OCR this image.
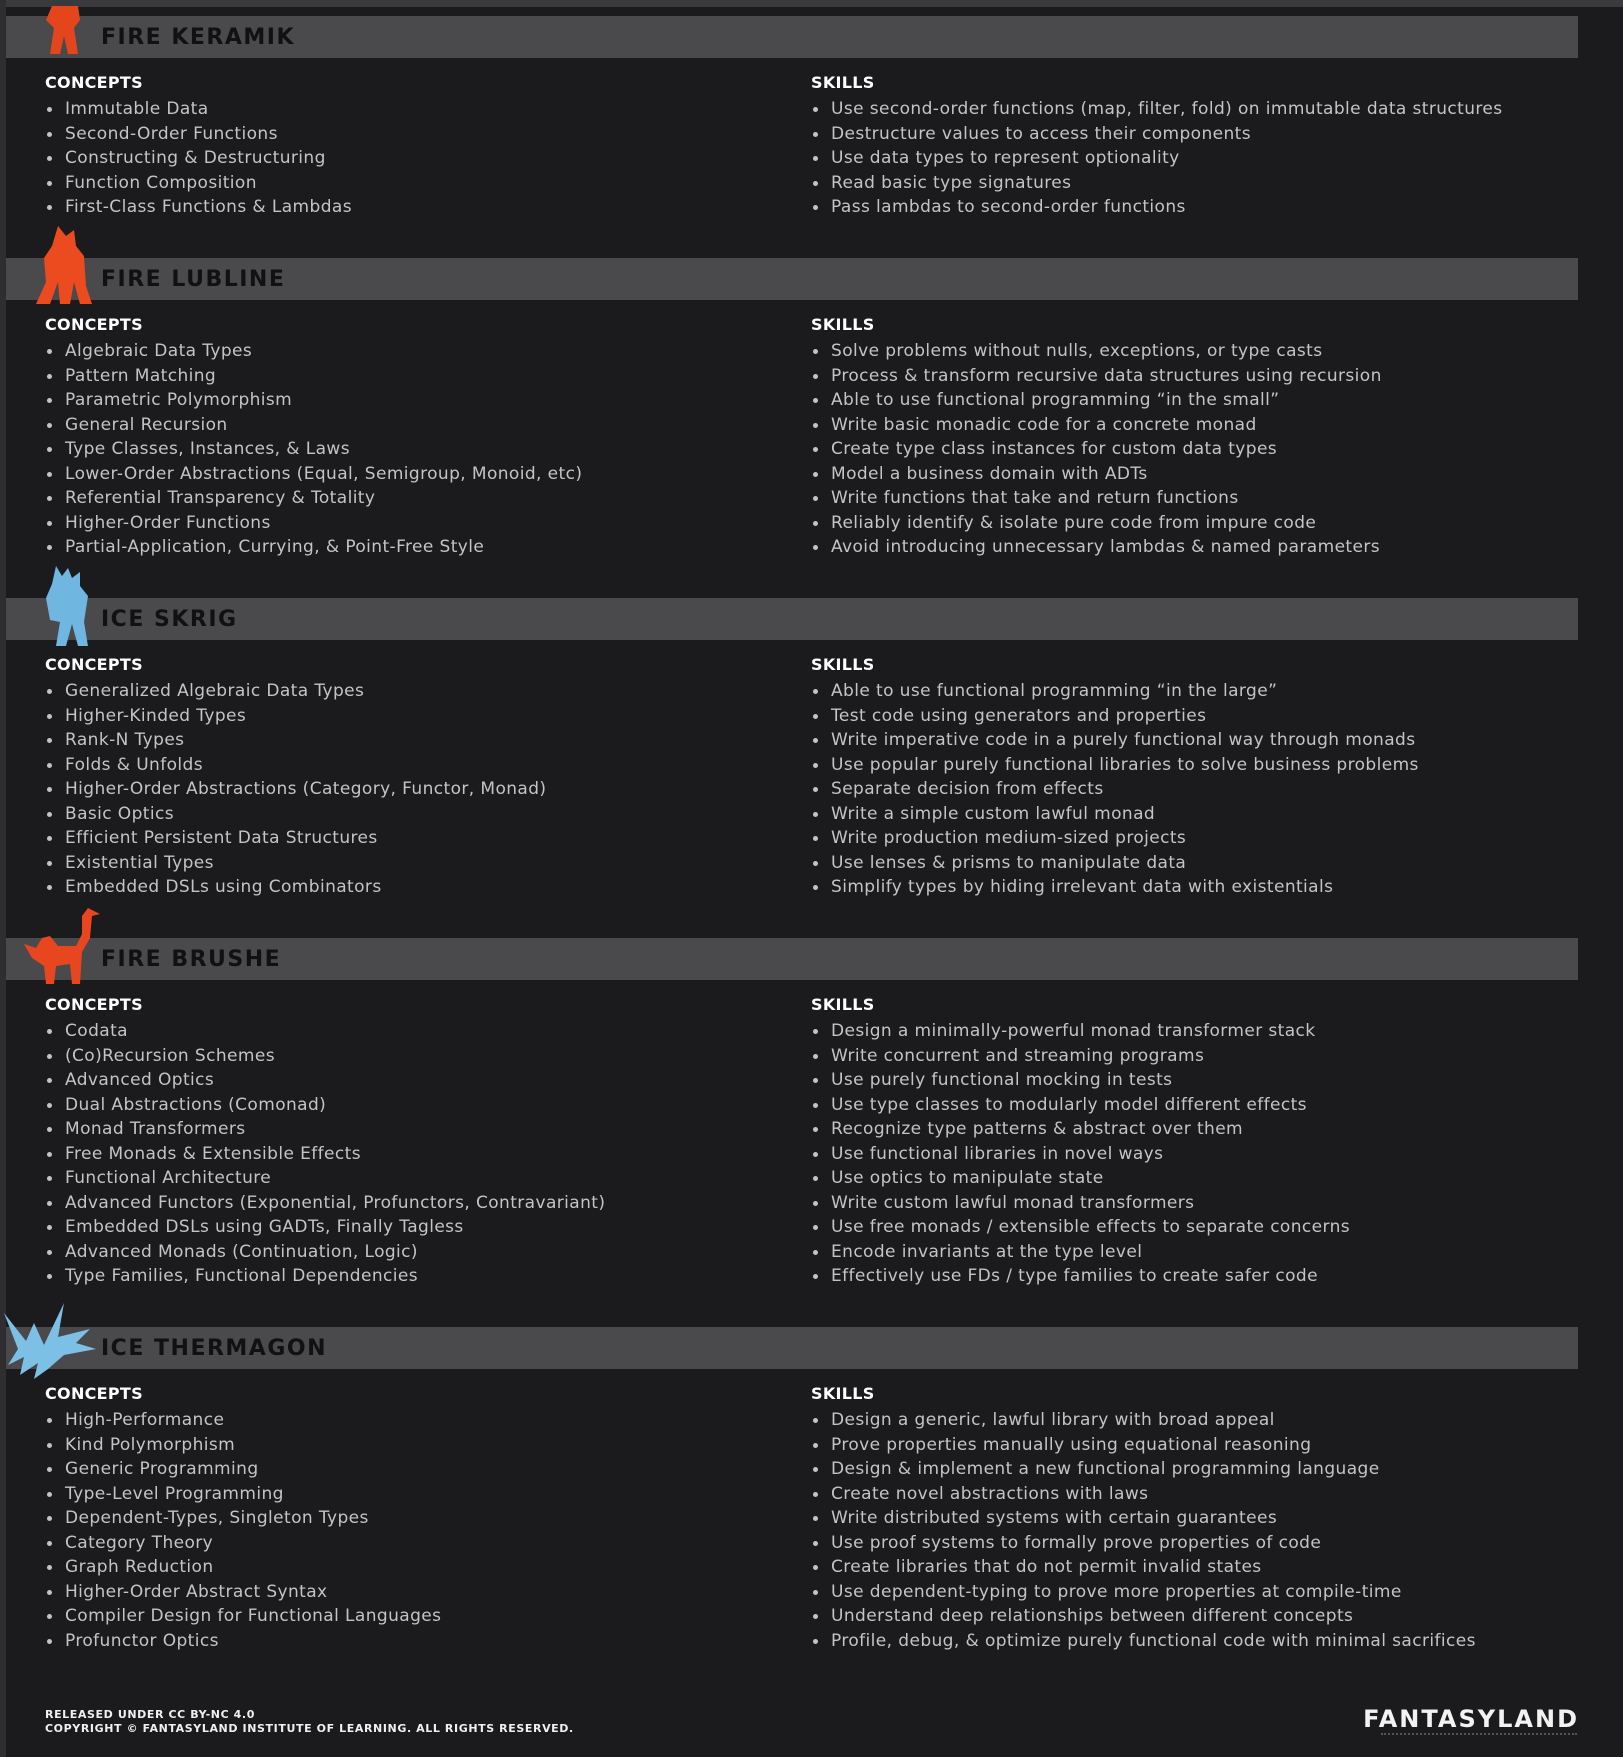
FIRE KERAMIK
CONCEPTS
Immutable Data
Second-Order Functions
Constructing & Destructuring
Function Composition
First-Class Functions & Lambdas
SKILLS
Use second-order functions (map, filter, fold) on immutable data structures
Destructure values to access their components
Use data types to represent optionality
Read basic type signatures
Pass lambdas to second-order functions
FIRE LUBLINE
CONCEPTS
Algebraic Data Types
Pattern Matching
Parametric Polymorphism
General Recursion
Type Classes, Instances, & Laws
Lower-Order Abstractions (Equal, Semigroup, Monoid, etc)
Referential Transparency & Totality
Higher-Order Functions
Partial-Application, Currying, & Point-Free Style
SKILLS
Solve problems without nulls, exceptions, or type casts
Process & transform recursive data structures using recursion
Able to use functional programming “in the small”
Write basic monadic code for a concrete monad
Create type class instances for custom data types
Model a business domain with ADTs
Write functions that take and return functions
Reliably identify & isolate pure code from impure code
Avoid introducing unnecessary lambdas & named parameters
ICE SKRIG
CONCEPTS
Generalized Algebraic Data Types
Higher-Kinded Types
Rank-N Types
Folds & Unfolds
Higher-Order Abstractions (Category, Functor, Monad)
Basic Optics
Efficient Persistent Data Structures
Existential Types
Embedded DSLs using Combinators
SKILLS
Able to use functional programming “in the large”
Test code using generators and properties
Write imperative code in a purely functional way through monads
Use popular purely functional libraries to solve business problems
Separate decision from effects
Write a simple custom lawful monad
Write production medium-sized projects
Use lenses & prisms to manipulate data
Simplify types by hiding irrelevant data with existentials
FIRE BRUSHE
CONCEPTS
Codata
(Co)Recursion Schemes
Advanced Optics
Dual Abstractions (Comonad)
Monad Transformers
Free Monads & Extensible Effects
Functional Architecture
Advanced Functors (Exponential, Profunctors, Contravariant)
Embedded DSLs using GADTs, Finally Tagless
Advanced Monads (Continuation, Logic)
Type Families, Functional Dependencies
SKILLS
Design a minimally-powerful monad transformer stack
Write concurrent and streaming programs
Use purely functional mocking in tests
Use type classes to modularly model different effects
Recognize type patterns & abstract over them
Use functional libraries in novel ways
Use optics to manipulate state
Write custom lawful monad transformers
Use free monads / extensible effects to separate concerns
Encode invariants at the type level
Effectively use FDs / type families to create safer code
ICE THERMAGON
CONCEPTS
High-Performance
Kind Polymorphism
Generic Programming
Type-Level Programming
Dependent-Types, Singleton Types
Category Theory
Graph Reduction
Higher-Order Abstract Syntax
Compiler Design for Functional Languages
Profunctor Optics
SKILLS
Design a generic, lawful library with broad appeal
Prove properties manually using equational reasoning
Design & implement a new functional programming language
Create novel abstractions with laws
Write distributed systems with certain guarantees
Use proof systems to formally prove properties of code
Create libraries that do not permit invalid states
Use dependent-typing to prove more properties at compile-time
Understand deep relationships between different concepts
Profile, debug, & optimize purely functional code with minimal sacrifices
RELEASED UNDER CC BY-NC 4.0
COPYRIGHT © FANTASYLAND INSTITUTE OF LEARNING. ALL RIGHTS RESERVED.	FANTASYLAND
